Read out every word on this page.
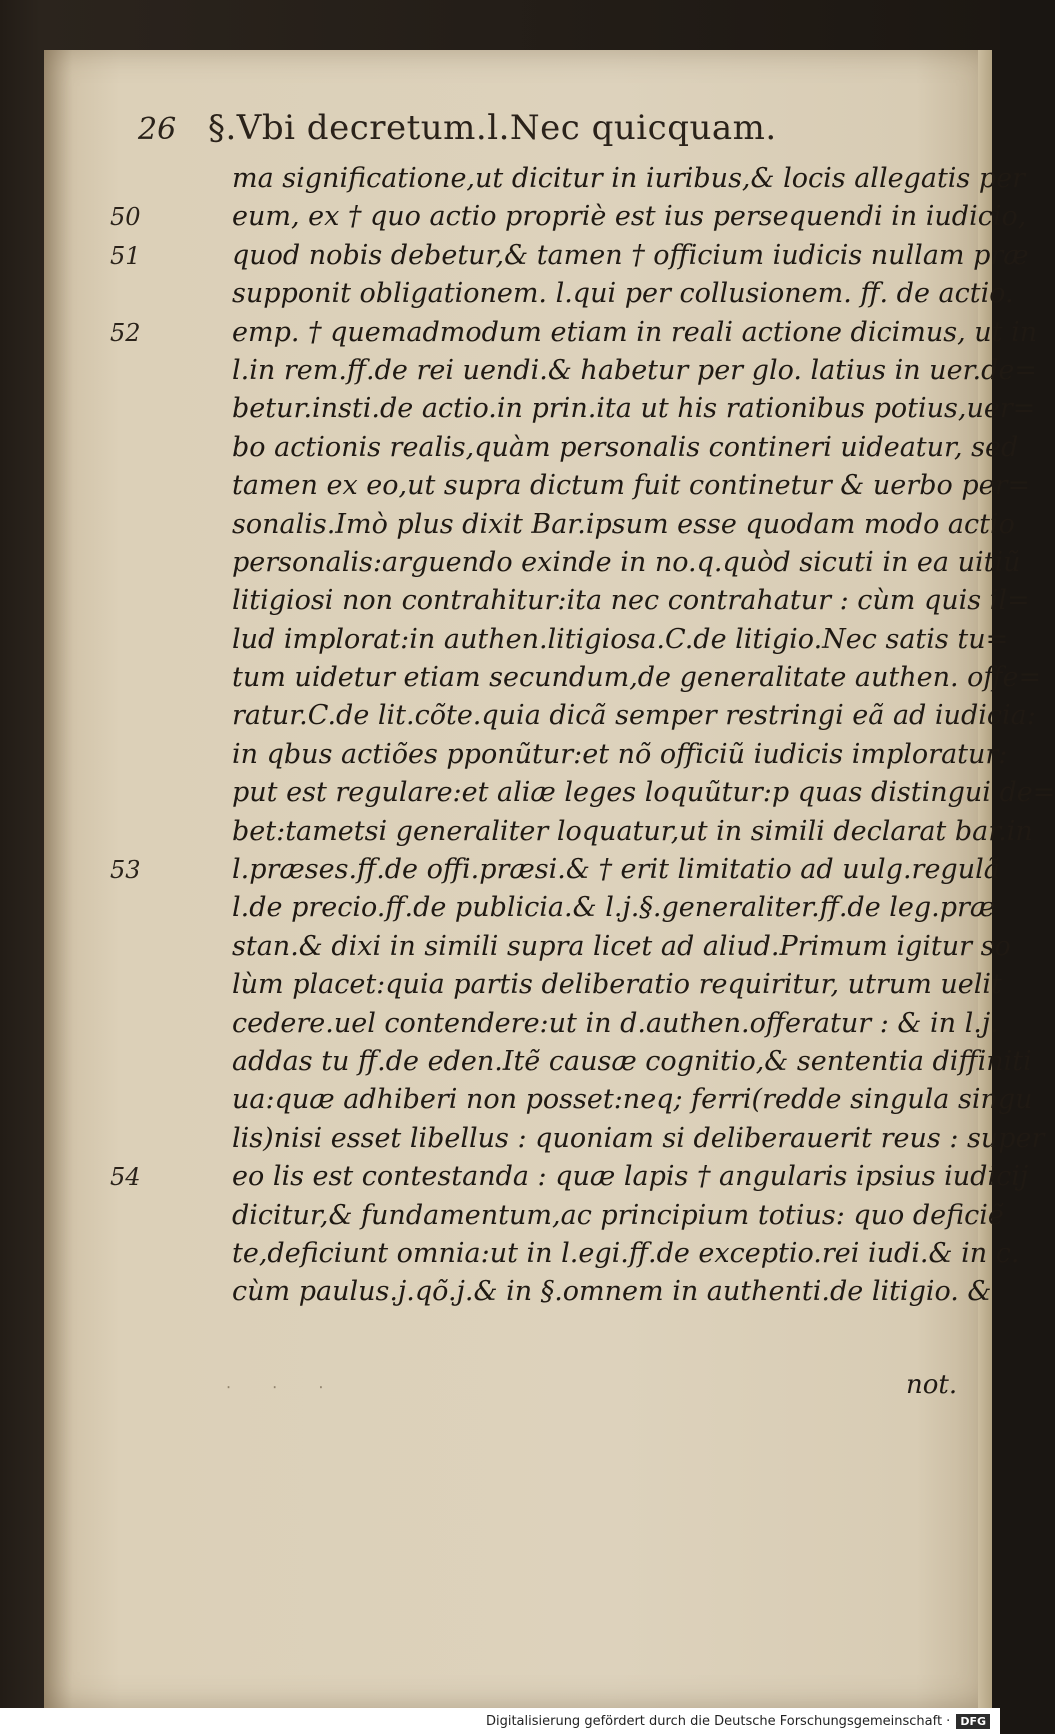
26 §.Vbi decretum.l.Nec quicquam.
ma significatione,ut dicitur in iuribus,& locis allegatis per
50	eum, ex † quo actio propriè est ius persequendi in iudicio,
51	quod nobis debetur,& tamen † officium iudicis nullam præ
supponit obligationem. l.qui per collusionem. ff. de actio.
52	emp. † quemadmodum etiam in reali actione dicimus, ut in
l.in rem.ff.de rei uendi.& habetur per glo. latius in uer.de=
betur.insti.de actio.in prin.ita ut his rationibus potius,uer=
bo actionis realis,quàm personalis contineri uideatur, sed
tamen ex eo,ut supra dictum fuit continetur & uerbo per=
sonalis.Imò plus dixit Bar.ipsum esse quodam modo actio
personalis:arguendo exinde in no.q.quòd sicuti in ea uitiũ
litigiosi non contrahitur:ita nec contrahatur : cùm quis il=
lud implorat:in authen.litigiosa.C.de litigio.Nec satis tu=
tum uidetur etiam secundum,de generalitate authen. offe=
ratur.C.de lit.cõte.quia dicã semper restringi eã ad iudicia:
in qbus actiões pponũtur:et nõ officiũ iudicis imploratur:
put est regulare:et aliæ leges loquũtur:p quas distingui de=
bet:tametsi generaliter loquatur,ut in simili declarat bar.in
53	l.præses.ff.de offi.præsi.& † erit limitatio ad uulg.regulã
l.de precio.ff.de publicia.& l.j.§.generaliter.ff.de leg.præ
stan.& dixi in simili supra licet ad aliud.Primum igitur so
lùm placet:quia partis deliberatio requiritur, utrum uelit
cedere.uel contendere:ut in d.authen.offeratur : & in l.j.
addas tu ff.de eden.Itẽ causæ cognitio,& sententia diffiniti
ua:quæ adhiberi non posset:neq; ferri(redde singula singu
lis)nisi esset libellus : quoniam si deliberauerit reus : super
54	eo lis est contestanda : quæ lapis † angularis ipsius iudicij
dicitur,& fundamentum,ac principium totius: quo deficiẽ
te,deficiunt omnia:ut in l.egi.ff.de exceptio.rei iudi.& in c.
cùm paulus.j.qõ.j.& in §.omnem in authenti.de litigio. &
‧ ‧ ‧	not.
Digitalisierung gefördert durch die Deutsche Forschungsgemeinschaft · DFG
